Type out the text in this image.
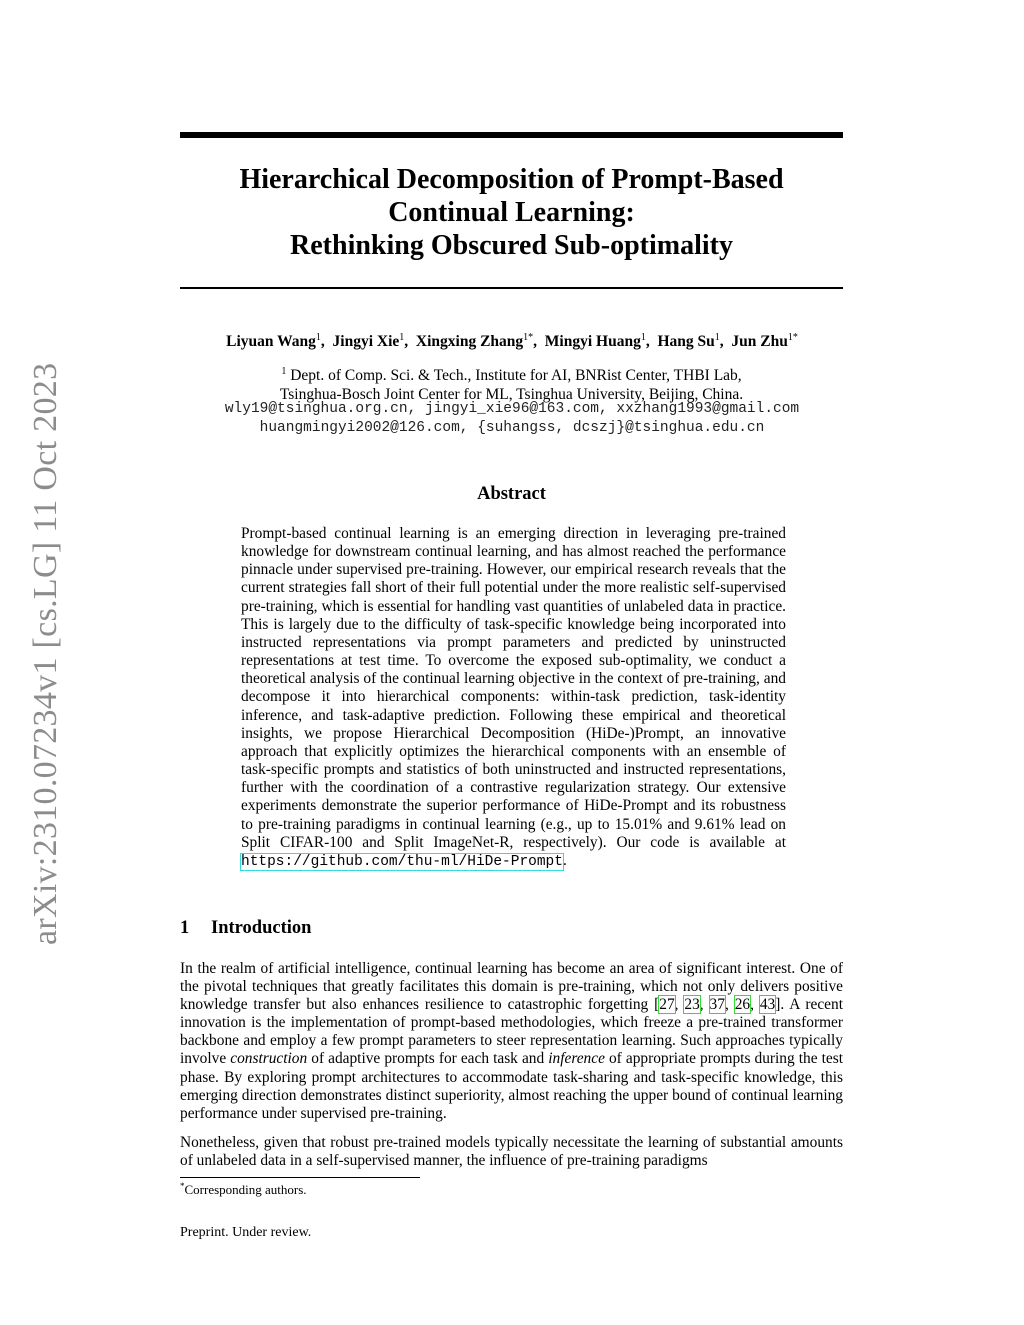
arXiv:2310.07234v1 [cs.LG] 11 Oct 2023
Hierarchical Decomposition of Prompt-Based
Continual Learning:
Rethinking Obscured Sub-optimality
Liyuan Wang$^1$,  Jingyi Xie$^1$,  Xingxing Zhang$^{1*}$,  Mingyi Huang$^1$,  Hang Su$^1$,  Jun Zhu$^{1*}$
$^1$ Dept. of Comp. Sci. & Tech., Institute for AI, BNRist Center, THBI Lab,
Tsinghua-Bosch Joint Center for ML, Tsinghua University, Beijing, China.
wly19@tsinghua.org.cn, jingyi_xie96@163.com, xxzhang1993@gmail.com
huangmingyi2002@126.com, {suhangss, dcszj}@tsinghua.edu.cn
Abstract
Prompt-based continual learning is an emerging direction in leveraging pre-trained knowledge for downstream continual learning, and has almost reached the performance pinnacle under supervised pre-training. However, our empirical research reveals that the current strategies fall short of their full potential under the more realistic self-supervised pre-training, which is essential for handling vast quantities of unlabeled data in practice. This is largely due to the difficulty of task-specific knowledge being incorporated into instructed representations via prompt parameters and predicted by uninstructed representations at test time. To overcome the exposed sub-optimality, we conduct a theoretical analysis of the continual learning objective in the context of pre-training, and decompose it into hierarchical components: within-task prediction, task-identity inference, and task-adaptive prediction. Following these empirical and theoretical insights, we propose Hierarchical Decomposition (HiDe-)Prompt, an innovative approach that explicitly optimizes the hierarchical components with an ensemble of task-specific prompts and statistics of both uninstructed and instructed representations, further with the coordination of a contrastive regularization strategy. Our extensive experiments demonstrate the superior performance of HiDe-Prompt and its robustness to pre-training paradigms in continual learning (e.g., up to 15.01% and 9.61% lead on Split CIFAR-100 and Split ImageNet-R, respectively). Our code is available at https://github.com/thu-ml/HiDe-Prompt.
1 Introduction
In the realm of artificial intelligence, continual learning has become an area of significant interest. One of the pivotal techniques that greatly facilitates this domain is pre-training, which not only delivers positive knowledge transfer but also enhances resilience to catastrophic forgetting [27, 23, 37, 26, 43]. A recent innovation is the implementation of prompt-based methodologies, which freeze a pre-trained transformer backbone and employ a few prompt parameters to steer representation learning. Such approaches typically involve construction of adaptive prompts for each task and inference of appropriate prompts during the test phase. By exploring prompt architectures to accommodate task-sharing and task-specific knowledge, this emerging direction demonstrates distinct superiority, almost reaching the upper bound of continual learning performance under supervised pre-training.
Nonetheless, given that robust pre-trained models typically necessitate the learning of substantial amounts of unlabeled data in a self-supervised manner, the influence of pre-training paradigms
*Corresponding authors.
Preprint. Under review.
